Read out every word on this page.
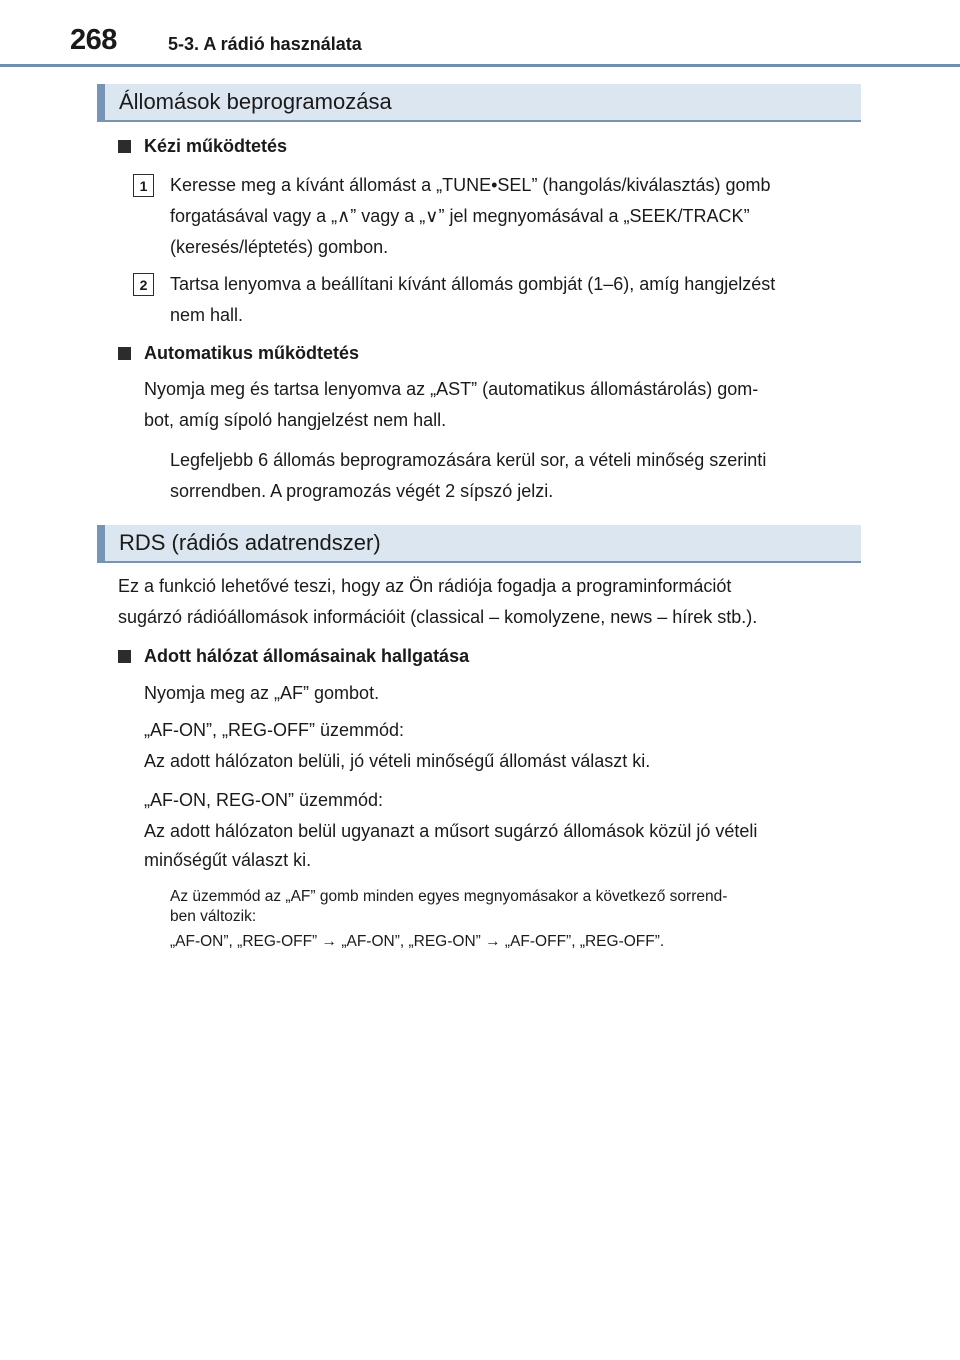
268	5-3. A rádió használata
Állomások beprogramozása
Kézi működtetés
1 Keresse meg a kívánt állomást a „TUNE•SEL” (hangolás/kiválasztás) gomb
forgatásával vagy a „∧” vagy a „∨” jel megnyomásával a „SEEK/TRACK”
(keresés/léptetés) gombon.
2 Tartsa lenyomva a beállítani kívánt állomás gombját (1–6), amíg hangjelzést
nem hall.
Automatikus működtetés
Nyomja meg és tartsa lenyomva az „AST” (automatikus állomástárolás) gom-
bot, amíg sípoló hangjelzést nem hall.
Legfeljebb 6 állomás beprogramozására kerül sor, a vételi minőség szerinti
sorrendben. A programozás végét 2 sípszó jelzi.
RDS (rádiós adatrendszer)
Ez a funkció lehetővé teszi, hogy az Ön rádiója fogadja a programinformációt
sugárzó rádióállomások információit (classical – komolyzene, news – hírek stb.).
Adott hálózat állomásainak hallgatása
Nyomja meg az „AF” gombot.
„AF-ON”, „REG-OFF” üzemmód:
Az adott hálózaton belüli, jó vételi minőségű állomást választ ki.
„AF-ON, REG-ON” üzemmód:
Az adott hálózaton belül ugyanazt a műsort sugárzó állomások közül jó vételi
minőségűt választ ki.
Az üzemmód az „AF” gomb minden egyes megnyomásakor a következő sorrend-
ben változik:
„AF-ON”, „REG-OFF” → „AF-ON”, „REG-ON” → „AF-OFF”, „REG-OFF”.
